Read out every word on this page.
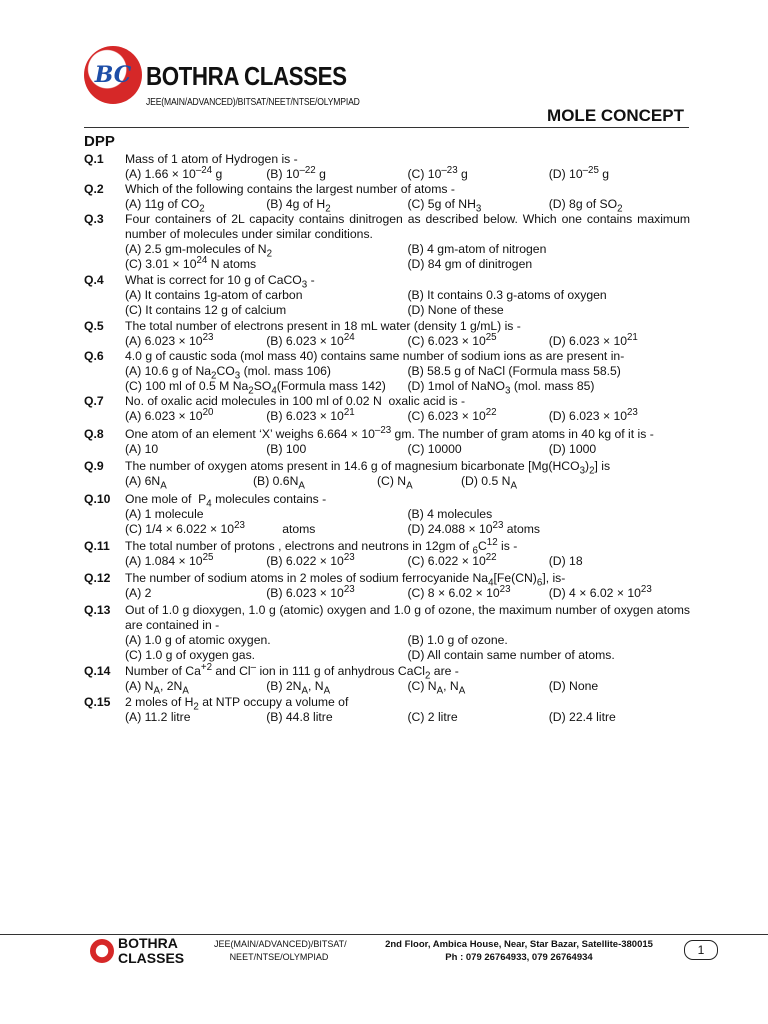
BC BOTHRA CLASSES
JEE(MAIN/ADVANCED)/BITSAT/NEET/NTSE/OLYMPIAD
MOLE CONCEPT
DPP
Q.1	Mass of 1 atom of Hydrogen is -
(A) $1.66 \times 10^{-24}$ g	(B) $10^{-22}$ g	(C) $10^{-23}$ g	(D) $10^{-25}$ g
Q.2	Which of the following contains the largest number of atoms -
(A) 11g of $CO_2$	(B) 4g of $H_2$	(C) 5g of $NH_3$	(D) 8g of $SO_2$
Q.3	Four containers of 2L capacity contains dinitrogen as described below. Which one contains maximum number of molecules under similar conditions.
(A) 2.5 gm-molecules of $N_2$	(B) 4 gm-atom of nitrogen
(C) $3.01 \times 10^{24}$ N atoms	(D) 84 gm of dinitrogen
Q.4	What is correct for 10 g of CaCO$_3$ -
(A) It contains 1g-atom of carbon	(B) It contains 0.3 g-atoms of oxygen
(C) It contains 12 g of calcium	(D) None of these
Q.5	The total number of electrons present in 18 mL water (density 1 g/mL) is -
(A) $6.023 \times 10^{23}$	(B) $6.023 \times 10^{24}$	(C) $6.023 \times 10^{25}$	(D) $6.023 \times 10^{21}$
Q.6	4.0 g of caustic soda (mol mass 40) contains same number of sodium ions as are present in-
(A) 10.6 g of $Na_2CO_3$ (mol. mass 106)	(B) 58.5 g of NaCl (Formula mass 58.5)
(C) 100 ml of 0.5 M $Na_2SO_4(Formula$ mass 142)	(D) 1mol of NaNO$_3$ (mol. mass 85)
Q.7	No. of oxalic acid molecules in 100 ml of 0.02 N  oxalic acid is -
(A) $6.023 \times 10^{20}$	(B) $6.023 \times 10^{21}$	(C) $6.023 \times 10^{22}$	(D) $6.023 \times 10^{23}$
Q.8	One atom of an element ‘X’ weighs $6.664 \times 10^{-23}$ gm. The number of gram atoms in 40 kg of it is -
(A) 10	(B) 100	(C) 10000	(D) 1000
Q.9	The number of oxygen atoms present in 14.6 g of magnesium bicarbonate $[Mg(HCO_3)_2]$ is
(A) $6N_A$	(B) $0.6N_A$	(C) $N_A$	(D) 0.5 $N_A$
Q.10	One mole of  $P_4$ molecules contains -
(A) 1 molecule	(B) 4 molecules
(C) $1/4 \times 6.022 \times 10^{23}$           atoms	(D) $24.088 \times 10^{23}$ atoms
Q.11	The total number of protons , electrons and neutrons in 12gm of $_6C^{12}$ is -
(A) $1.084 \times 10^{25}$	(B) $6.022 \times 10^{23}$	(C) $6.022 \times 10^{22}$	(D) 18
Q.12	The number of sodium atoms in 2 moles of sodium ferrocyanide $Na_4[Fe(CN)_6]$, is-
(A) 2	(B) $6.023 \times 10^{23}$	(C) $8 \times 6.02 \times 10^{23}$	(D) $4 \times 6.02 \times 10^{23}$
Q.13	Out of 1.0 g dioxygen, 1.0 g (atomic) oxygen and 1.0 g of ozone, the maximum number of oxygen atoms are contained in -
(A) 1.0 g of atomic oxygen.	(B) 1.0 g of ozone.
(C) 1.0 g of oxygen gas.	(D) All contain same number of atoms.
Q.14	Number of $Ca^{+2}$ and Cl– ion in 111 g of anhydrous CaCl$_2$ are -
(A) $N_A$, $2N_A$	(B) $2N_A$, $N_A$	(C) $N_A$, $N_A$	(D) None
Q.15	2 moles of $H_2$ at NTP occupy a volume of
(A) 11.2 litre	(B) 44.8 litre	(C) 2 litre	(D) 22.4 litre
BOTHRA
CLASSES
JEE(MAIN/ADVANCED)/BITSAT/
NEET/NTSE/OLYMPIAD
2nd Floor, Ambica House, Near, Star Bazar, Satellite-380015
Ph : 079 26764933, 079 26764934
1
